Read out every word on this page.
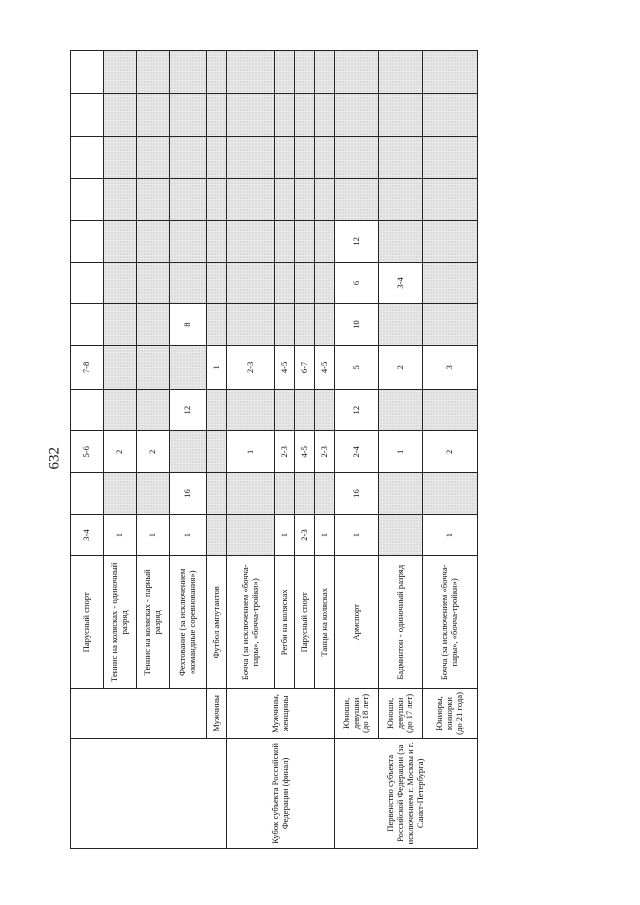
632
		Парусный спорт	3-4		5-6		7-8							
		Теннис на колясках - одиночный разряд	1		2									
		Теннис на колясках - парный разряд	1		2									
		Фехтование (за исключением «командные соревнования»)	1	16		12		8						
	Мужчины	Футбол ампутантов					1							
Кубок субъекта Российской Федерации (финал)	Мужчины, женщины	Бочча (за исключением «бочча-пары», «бочча-тройки»)			1		2-3							
		Регби на колясках	1		2-3		4-5							
		Парусный спорт	2-3		4-5		6-7							
		Танцы на колясках	1		2-3		4-5							
Первенство субъекта Российской Федерации (за исключением г. Москвы и г. Санкт-Петербурга)	Юноши, девушки (до 18 лет)	Армспорт	1	16	2-4	12	5	10	6	12				
	Юноши, девушки (до 17 лет)	Бадминтон - одиночный разряд			1		2		3-4					
	Юниоры, юниорки (до 21 года)	Бочча (за исключением «бочча-пары», «бочча-тройки»)	1		2		3							
